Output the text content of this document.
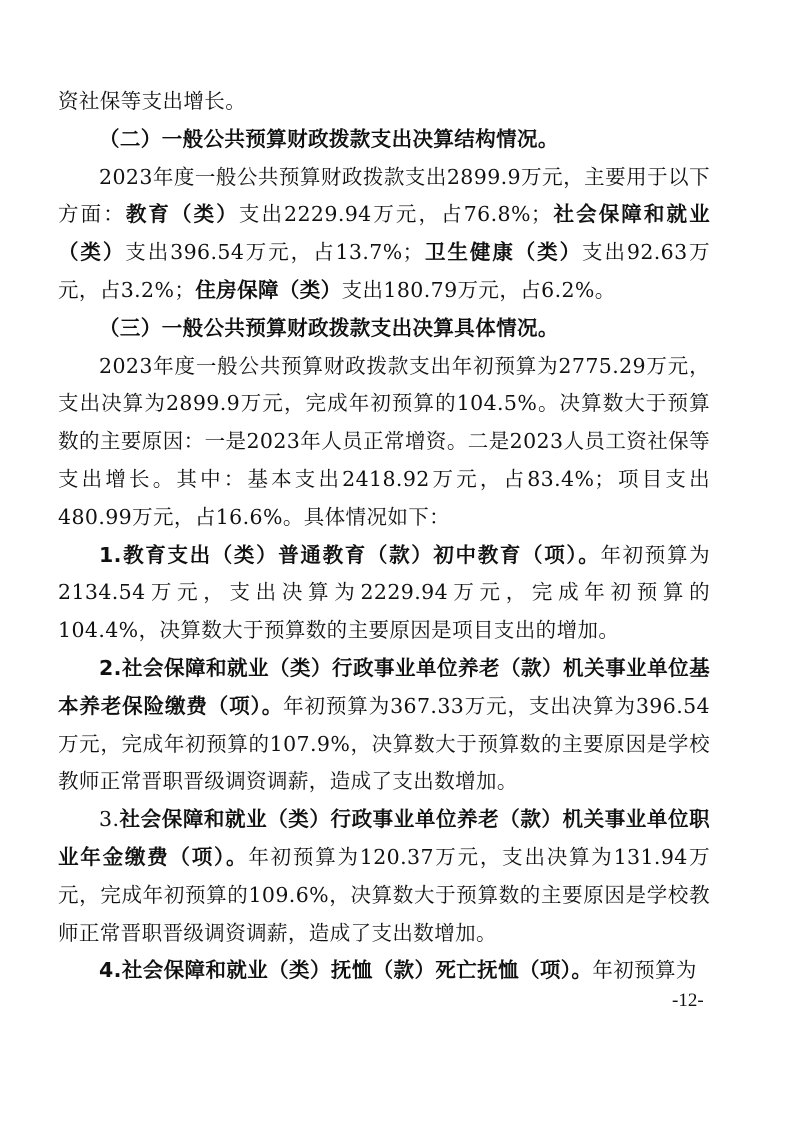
资社保等支出增长。

（二）一般公共预算财政拨款支出决算结构情况。

2023年度一般公共预算财政拨款支出2899.9万元，主要用于以下方面：教育（类）支出2229.94万元，占76.8%；社会保障和就业（类）支出396.54万元，占13.7%；卫生健康（类）支出92.63万元，占3.2%；住房保障（类）支出180.79万元，占6.2%。

（三）一般公共预算财政拨款支出决算具体情况。

2023年度一般公共预算财政拨款支出年初预算为2775.29万元，支出决算为2899.9万元，完成年初预算的104.5%。决算数大于预算数的主要原因：一是2023年人员正常增资。二是2023人员工资社保等支出增长。其中：基本支出2418.92万元，占83.4%；项目支出480.99万元，占16.6%。具体情况如下：

1.教育支出（类）普通教育（款）初中教育（项）。年初预算为2134.54万元，支出决算为2229.94万元，完成年初预算的104.4%，决算数大于预算数的主要原因是项目支出的增加。

2.社会保障和就业（类）行政事业单位养老（款）机关事业单位基本养老保险缴费（项）。年初预算为367.33万元，支出决算为396.54万元，完成年初预算的107.9%，决算数大于预算数的主要原因是学校教师正常晋职晋级调资调薪，造成了支出数增加。

3.社会保障和就业（类）行政事业单位养老（款）机关事业单位职业年金缴费（项）。年初预算为120.37万元，支出决算为131.94万元，完成年初预算的109.6%，决算数大于预算数的主要原因是学校教师正常晋职晋级调资调薪，造成了支出数增加。

4.社会保障和就业（类）抚恤（款）死亡抚恤（项）。年初预算为

-12-
